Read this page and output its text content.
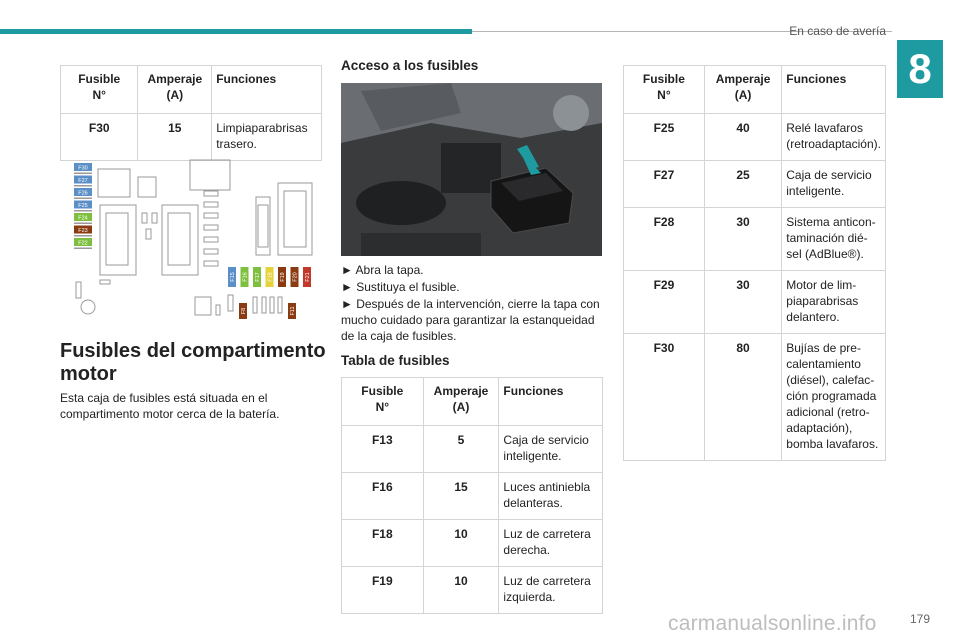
En caso de avería
8
Fusible
N°	Amperaje
(A)	Funciones
F30	15	Limpiaparabrisas trasero.
F30
F27
F26
F25
F24
F23
F22
F15 F16 F17 F18 F19 F20 F21
F8	F11
Fusibles del compartimento motor

Esta caja de fusibles está situada en el compartimento motor cerca de la batería.

Acceso a los fusibles
► Abra la tapa.
► Sustituya el fusible.
► Después de la intervención, cierre la tapa con mucho cuidado para garantizar la estanqueidad de la caja de fusibles.
Tabla de fusibles
Fusible
N°	Amperaje
(A)	Funciones
F13	5	Caja de servicio inteligente.
F16	15	Luces antiniebla delanteras.
F18	10	Luz de carretera derecha.
F19	10	Luz de carretera izquierda.
Fusible
N°	Amperaje
(A)	Funciones
F25	40	Relé lavafaros (retroadaptación).
F27	25	Caja de servicio inteligente.
F28	30	Sistema anticon-taminación dié-sel (AdBlue®).
F29	30	Motor de lim-piaparabrisas delantero.
F30	80	Bujías de pre-calentamiento (diésel), calefac-ción programada adicional (retro-adaptación), bomba lavafaros.
carmanualsonline.info	179
